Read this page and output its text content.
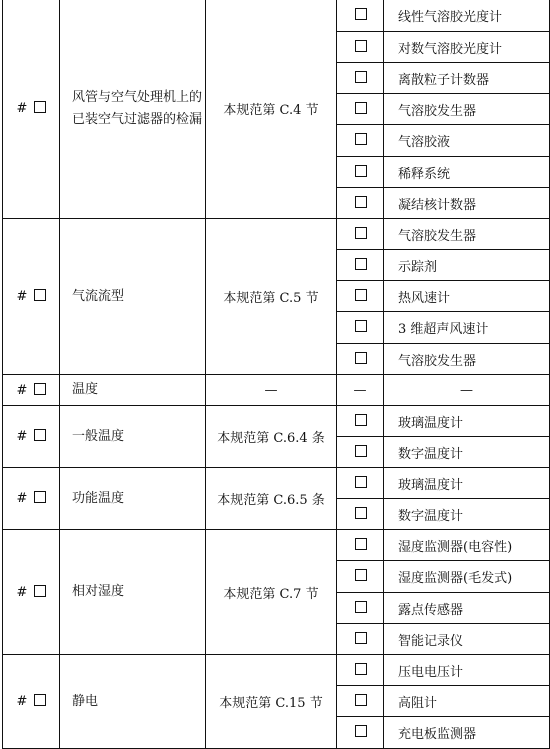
#	风管与空气处理机上的已装空气过滤器的检漏	本规范第 C.4 节		线性气溶胶光度计
				对数气溶胶光度计
				离散粒子计数器
				气溶胶发生器
				气溶胶液
				稀释系统
				凝结核计数器
#	气流流型	本规范第 C.5 节		气溶胶发生器
				示踪剂
				热风速计
				3 维超声风速计
				气溶胶发生器
#	温度	—	—	—
#	一般温度	本规范第 C.6.4 条		玻璃温度计
				数字温度计
#	功能温度	本规范第 C.6.5 条		玻璃温度计
				数字温度计
#	相对湿度	本规范第 C.7 节		湿度监测器(电容性)
				湿度监测器(毛发式)
				露点传感器
				智能记录仪
#	静电	本规范第 C.15 节		压电电压计
				高阻计
				充电板监测器
